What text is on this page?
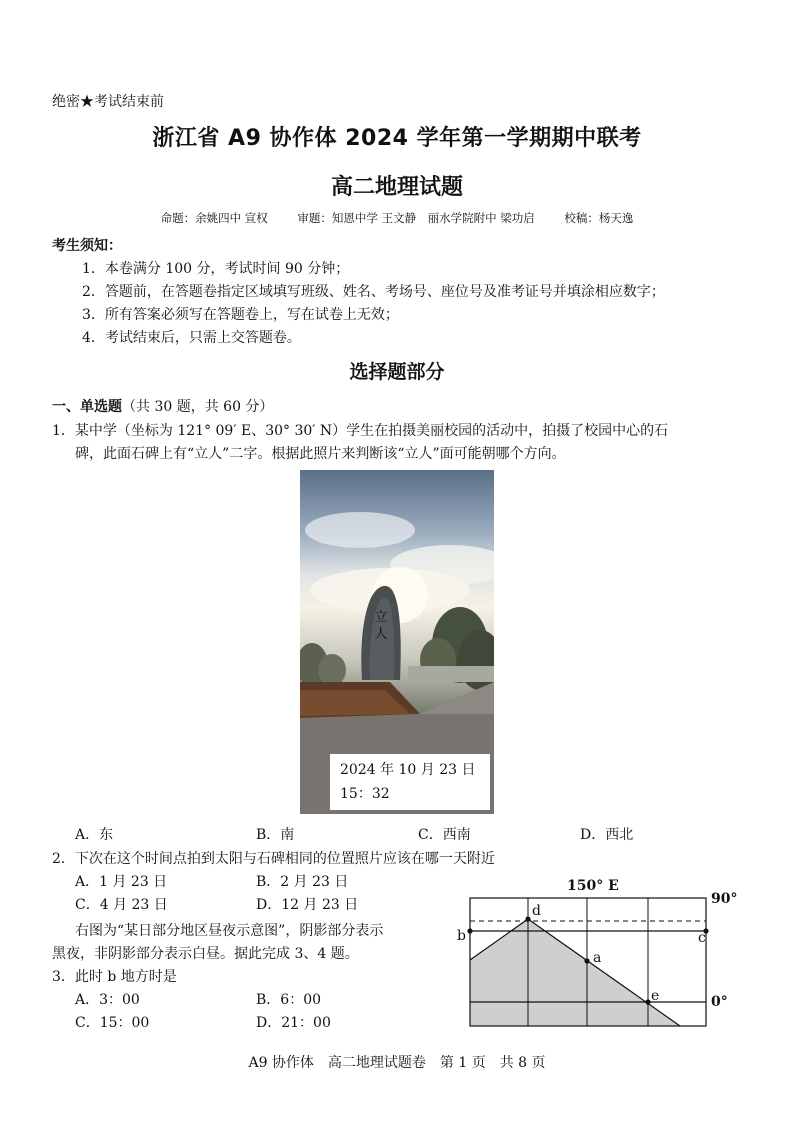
绝密★考试结束前
浙江省 A9 协作体 2024 学年第一学期期中联考
高二地理试题
命题：余姚四中 宣权	审题：知恩中学 王文静　丽水学院附中 梁功启	校稿：杨天逸
考生须知：
1．本卷满分 100 分，考试时间 90 分钟；
2．答题前，在答题卷指定区域填写班级、姓名、考场号、座位号及准考证号并填涂相应数字；
3．所有答案必须写在答题卷上，写在试卷上无效；
4．考试结束后，只需上交答题卷。
选择题部分
一、单选题（共 30 题，共 60 分）
1．某中学（坐标为 121° 09′ E、30° 30′ N）学生在拍摄美丽校园的活动中，拍摄了校园中心的石
碑，此面石碑上有“立人”二字。根据此照片来判断该“立人”面可能朝哪个方向。
立人
2024 年 10 月 23 日
15：32
A．东	B．南	C．西南	D．西北
2．下次在这个时间点拍到太阳与石碑相同的位置照片应该在哪一天附近
A．1 月 23 日	B．2 月 23 日
C．4 月 23 日	D．12 月 23 日
右图为“某日部分地区昼夜示意图”，阴影部分表示
黑夜，非阴影部分表示白昼。据此完成 3、4 题。
3．此时 b 地方时是
A．3：00	B．6：00
C．15：00	D．21：00
150° E
90°
0°
b	c
d
a
e
A9 协作体　高二地理试题卷　第 1 页　共 8 页
